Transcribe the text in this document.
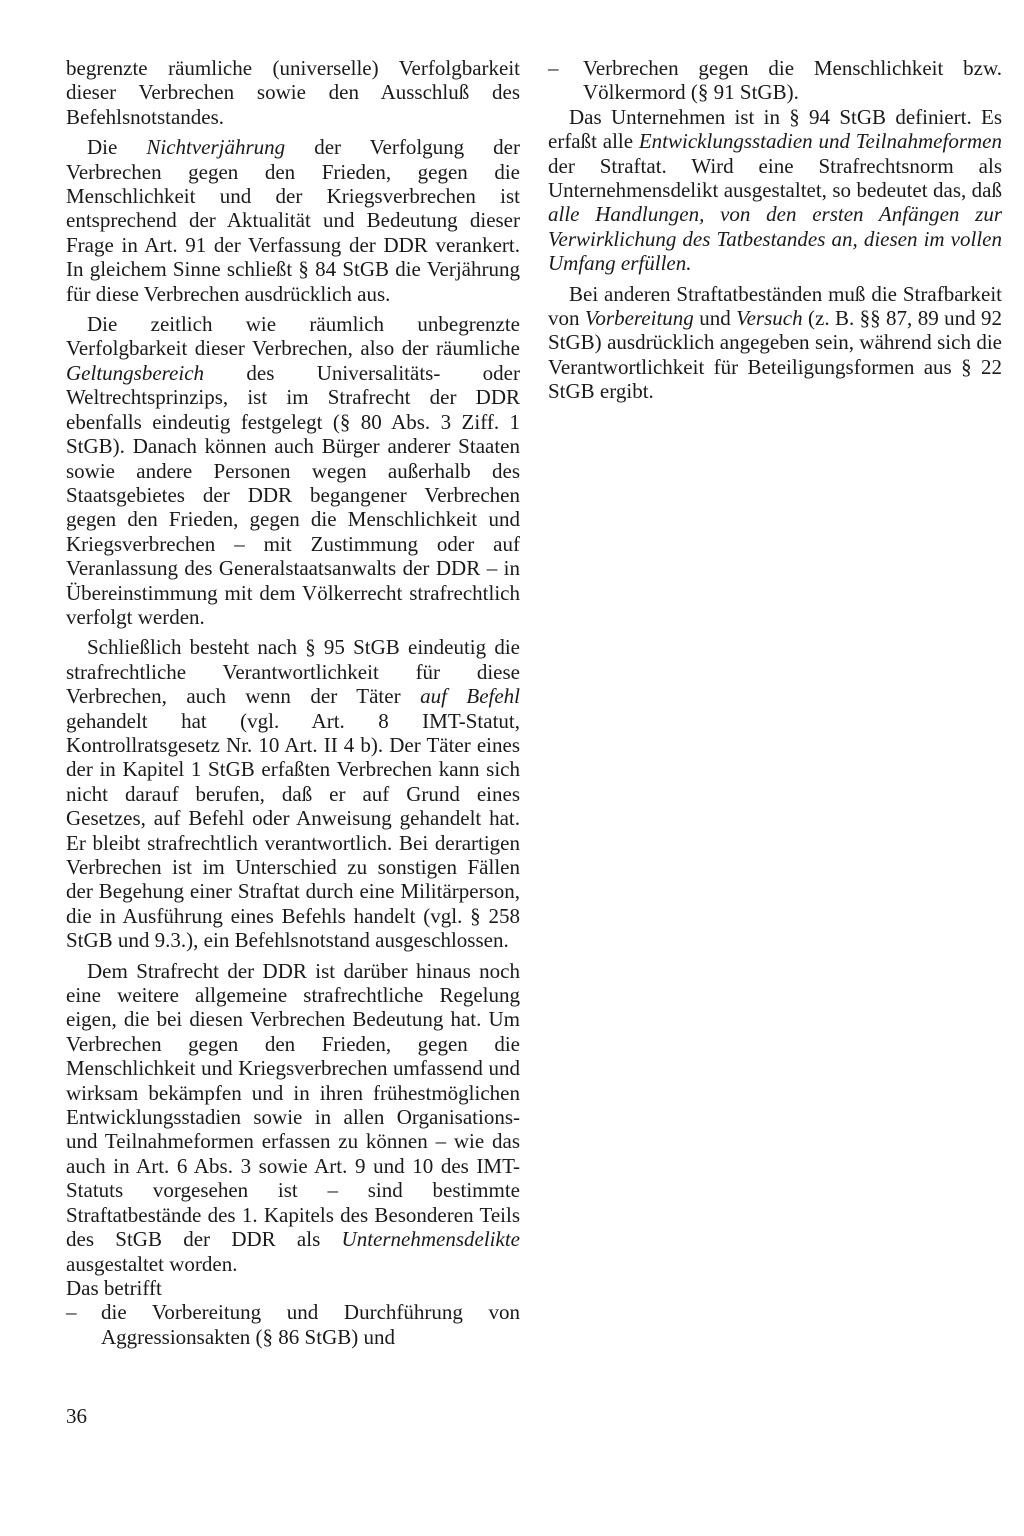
begrenzte räumliche (universelle) Verfolgbarkeit dieser Verbrechen sowie den Ausschluß des Befehlsnotstandes.

Die Nichtverjährung der Verfolgung der Verbrechen gegen den Frieden, gegen die Menschlichkeit und der Kriegsverbrechen ist entsprechend der Aktualität und Bedeutung dieser Frage in Art. 91 der Verfassung der DDR verankert. In gleichem Sinne schließt § 84 StGB die Verjährung für diese Verbrechen ausdrücklich aus.

Die zeitlich wie räumlich unbegrenzte Verfolgbarkeit dieser Verbrechen, also der räumliche Geltungsbereich des Universalitäts- oder Weltrechtsprinzips, ist im Strafrecht der DDR ebenfalls eindeutig festgelegt (§ 80 Abs. 3 Ziff. 1 StGB). Danach können auch Bürger anderer Staaten sowie andere Personen wegen außerhalb des Staatsgebietes der DDR begangener Verbrechen gegen den Frieden, gegen die Menschlichkeit und Kriegsverbrechen – mit Zustimmung oder auf Veranlassung des Generalstaatsanwalts der DDR – in Übereinstimmung mit dem Völkerrecht strafrechtlich verfolgt werden.

Schließlich besteht nach § 95 StGB eindeutig die strafrechtliche Verantwortlichkeit für diese Verbrechen, auch wenn der Täter auf Befehl gehandelt hat (vgl. Art. 8 IMT-Statut, Kontrollratsgesetz Nr. 10 Art. II 4 b). Der Täter eines der in Kapitel 1 StGB erfaßten Verbrechen kann sich nicht darauf berufen, daß er auf Grund eines Gesetzes, auf Befehl oder Anweisung gehandelt hat. Er bleibt strafrechtlich verantwortlich. Bei derartigen Verbrechen ist im Unterschied zu sonstigen Fällen der Begehung einer Straftat durch eine Militärperson, die in Ausführung eines Befehls handelt (vgl. § 258 StGB und 9.3.), ein Befehlsnotstand ausgeschlossen.

Dem Strafrecht der DDR ist darüber hinaus noch eine weitere allgemeine strafrechtliche Regelung eigen, die bei diesen Verbrechen Bedeutung hat. Um Verbrechen gegen den Frieden, gegen die Menschlichkeit und Kriegsverbrechen umfassend und wirksam bekämpfen und in ihren frühestmöglichen Entwicklungsstadien sowie in allen Organisations- und Teilnahmeformen erfassen zu können – wie das auch in Art. 6 Abs. 3 sowie Art. 9 und 10 des IMT-Statuts vorgesehen ist – sind bestimmte Straftatbestände des 1. Kapitels des Besonderen Teils des StGB der DDR als Unternehmensdelikte ausgestaltet worden.

Das betrifft

– die Vorbereitung und Durchführung von Aggressionsakten (§ 86 StGB) und

– Verbrechen gegen die Menschlichkeit bzw. Völkermord (§ 91 StGB).

Das Unternehmen ist in § 94 StGB definiert. Es erfaßt alle Entwicklungsstadien und Teilnahmeformen der Straftat. Wird eine Strafrechtsnorm als Unternehmensdelikt ausgestaltet, so bedeutet das, daß alle Handlungen, von den ersten Anfängen zur Verwirklichung des Tatbestandes an, diesen im vollen Umfang erfüllen.

Bei anderen Straftatbeständen muß die Strafbarkeit von Vorbereitung und Versuch (z. B. §§ 87, 89 und 92 StGB) ausdrücklich angegeben sein, während sich die Verantwortlichkeit für Beteiligungsformen aus § 22 StGB ergibt.

36
